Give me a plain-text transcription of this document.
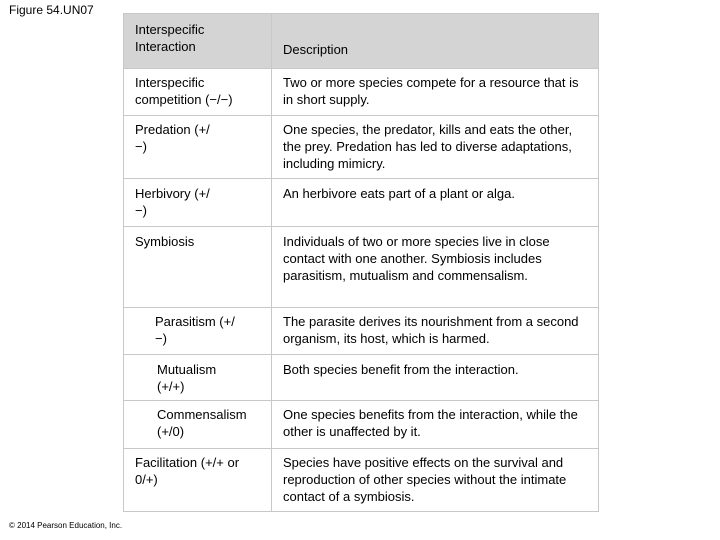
Figure 54.UN07
Interspecific Interaction	Description

Interspecific competition (−/−)	Two or more species compete for a resource that is in short supply.

Predation (+/−)	One species, the predator, kills and eats the other, the prey. Predation has led to diverse adaptations, including mimicry.

Herbivory (+/−)	An herbivore eats part of a plant or alga.

Symbiosis	Individuals of two or more species live in close contact with one another. Symbiosis includes parasitism, mutualism and commensalism.

Parasitism (+/−)	The parasite derives its nourishment from a second organism, its host, which is harmed.

Mutualism (+/+)	Both species benefit from the interaction.

Commensalism (+/0)	One species benefits from the interaction, while the other is unaffected by it.

Facilitation (+/+ or 0/+)	Species have positive effects on the survival and reproduction of other species without the intimate contact of a symbiosis.
© 2014 Pearson Education, Inc.
